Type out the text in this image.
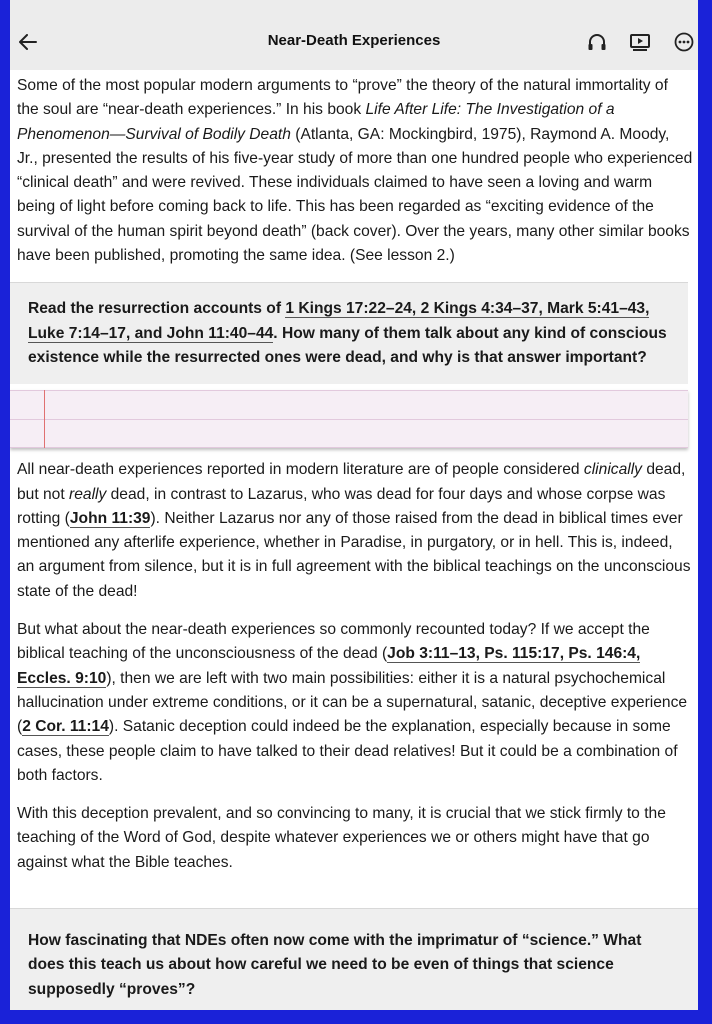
Near-Death Experiences

Some of the most popular modern arguments to “prove” the theory of the natural immortality of the soul are “near-death experiences.” In his book Life After Life: The Investigation of a Phenomenon—Survival of Bodily Death (Atlanta, GA: Mockingbird, 1975), Raymond A. Moody, Jr., presented the results of his five-year study of more than one hundred people who experienced “clinical death” and were revived. These individuals claimed to have seen a loving and warm being of light before coming back to life. This has been regarded as “exciting evidence of the survival of the human spirit beyond death” (back cover). Over the years, many other similar books have been published, promoting the same idea. (See lesson 2.)

Read the resurrection accounts of 1 Kings 17:22–24, 2 Kings 4:34–37, Mark 5:41–43, Luke 7:14–17, and John 11:40–44. How many of them talk about any kind of conscious existence while the resurrected ones were dead, and why is that answer important?

All near-death experiences reported in modern literature are of people considered clinically dead, but not really dead, in contrast to Lazarus, who was dead for four days and whose corpse was rotting (John 11:39). Neither Lazarus nor any of those raised from the dead in biblical times ever mentioned any afterlife experience, whether in Paradise, in purgatory, or in hell. This is, indeed, an argument from silence, but it is in full agreement with the biblical teachings on the unconscious state of the dead!

But what about the near-death experiences so commonly recounted today? If we accept the biblical teaching of the unconsciousness of the dead (Job 3:11–13, Ps. 115:17, Ps. 146:4, Eccles. 9:10), then we are left with two main possibilities: either it is a natural psychochemical hallucination under extreme conditions, or it can be a supernatural, satanic, deceptive experience (2 Cor. 11:14). Satanic deception could indeed be the explanation, especially because in some cases, these people claim to have talked to their dead relatives! But it could be a combination of both factors.

With this deception prevalent, and so convincing to many, it is crucial that we stick firmly to the teaching of the Word of God, despite whatever experiences we or others might have that go against what the Bible teaches.

How fascinating that NDEs often now come with the imprimatur of “science.” What does this teach us about how careful we need to be even of things that science supposedly “proves”?
